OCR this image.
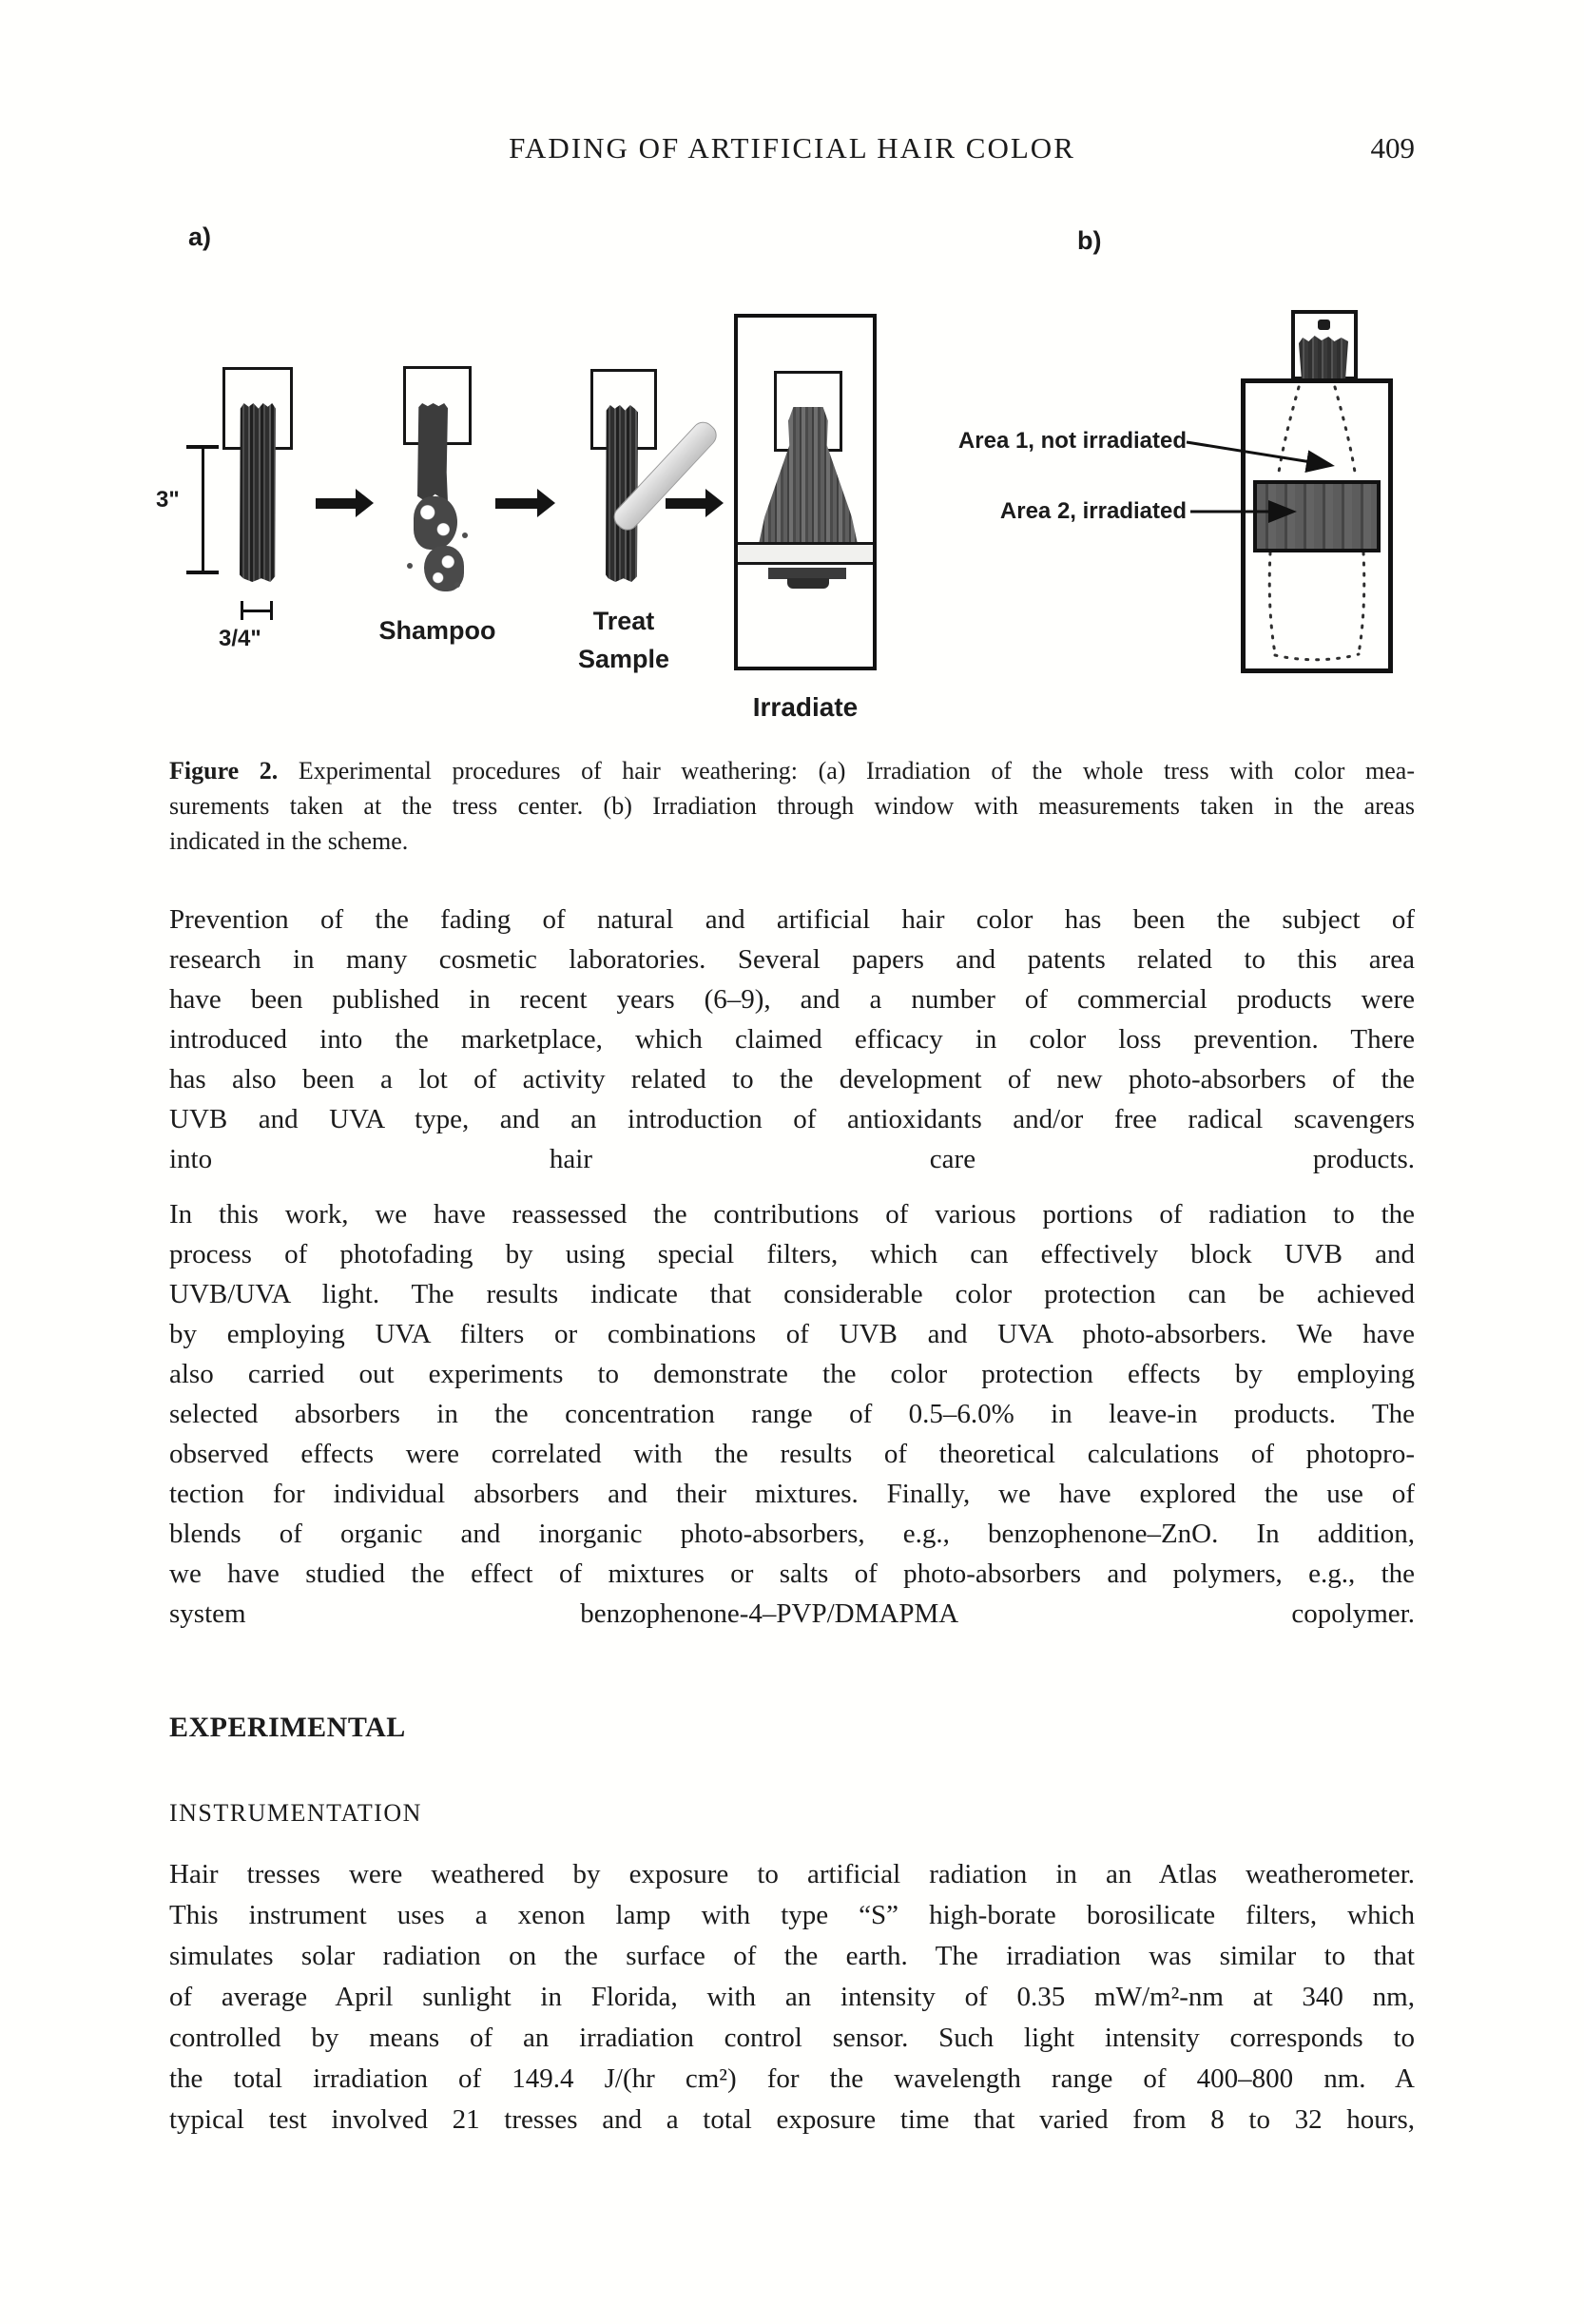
FADING OF ARTIFICIAL HAIR COLOR	409
a)	b)
3"
3/4"	Shampoo	Treat
Sample
Irradiate
Area 1, not irradiated
Area 2, irradiated
Figure 2. Experimental procedures of hair weathering: (a) Irradiation of the whole tress with color mea-
surements taken at the tress center. (b) Irradiation through window with measurements taken in the areas
indicated in the scheme.
Prevention of the fading of natural and artificial hair color has been the subject of
research in many cosmetic laboratories. Several papers and patents related to this area
have been published in recent years (6–9), and a number of commercial products were
introduced into the marketplace, which claimed efficacy in color loss prevention. There
has also been a lot of activity related to the development of new photo-absorbers of the
UVB and UVA type, and an introduction of antioxidants and/or free radical scavengers
into hair care products.
In this work, we have reassessed the contributions of various portions of radiation to the
process of photofading by using special filters, which can effectively block UVB and
UVB/UVA light. The results indicate that considerable color protection can be achieved
by employing UVA filters or combinations of UVB and UVA photo-absorbers. We have
also carried out experiments to demonstrate the color protection effects by employing
selected absorbers in the concentration range of 0.5–6.0% in leave-in products. The
observed effects were correlated with the results of theoretical calculations of photopro-
tection for individual absorbers and their mixtures. Finally, we have explored the use of
blends of organic and inorganic photo-absorbers, e.g., benzophenone–ZnO. In addition,
we have studied the effect of mixtures or salts of photo-absorbers and polymers, e.g., the
system benzophenone-4–PVP/DMAPMA copolymer.
EXPERIMENTAL
INSTRUMENTATION
Hair tresses were weathered by exposure to artificial radiation in an Atlas weatherometer.
This instrument uses a xenon lamp with type “S” high-borate borosilicate filters, which
simulates solar radiation on the surface of the earth. The irradiation was similar to that
of average April sunlight in Florida, with an intensity of 0.35 mW/m²-nm at 340 nm,
controlled by means of an irradiation control sensor. Such light intensity corresponds to
the total irradiation of 149.4 J/(hr cm²) for the wavelength range of 400–800 nm. A
typical test involved 21 tresses and a total exposure time that varied from 8 to 32 hours,
